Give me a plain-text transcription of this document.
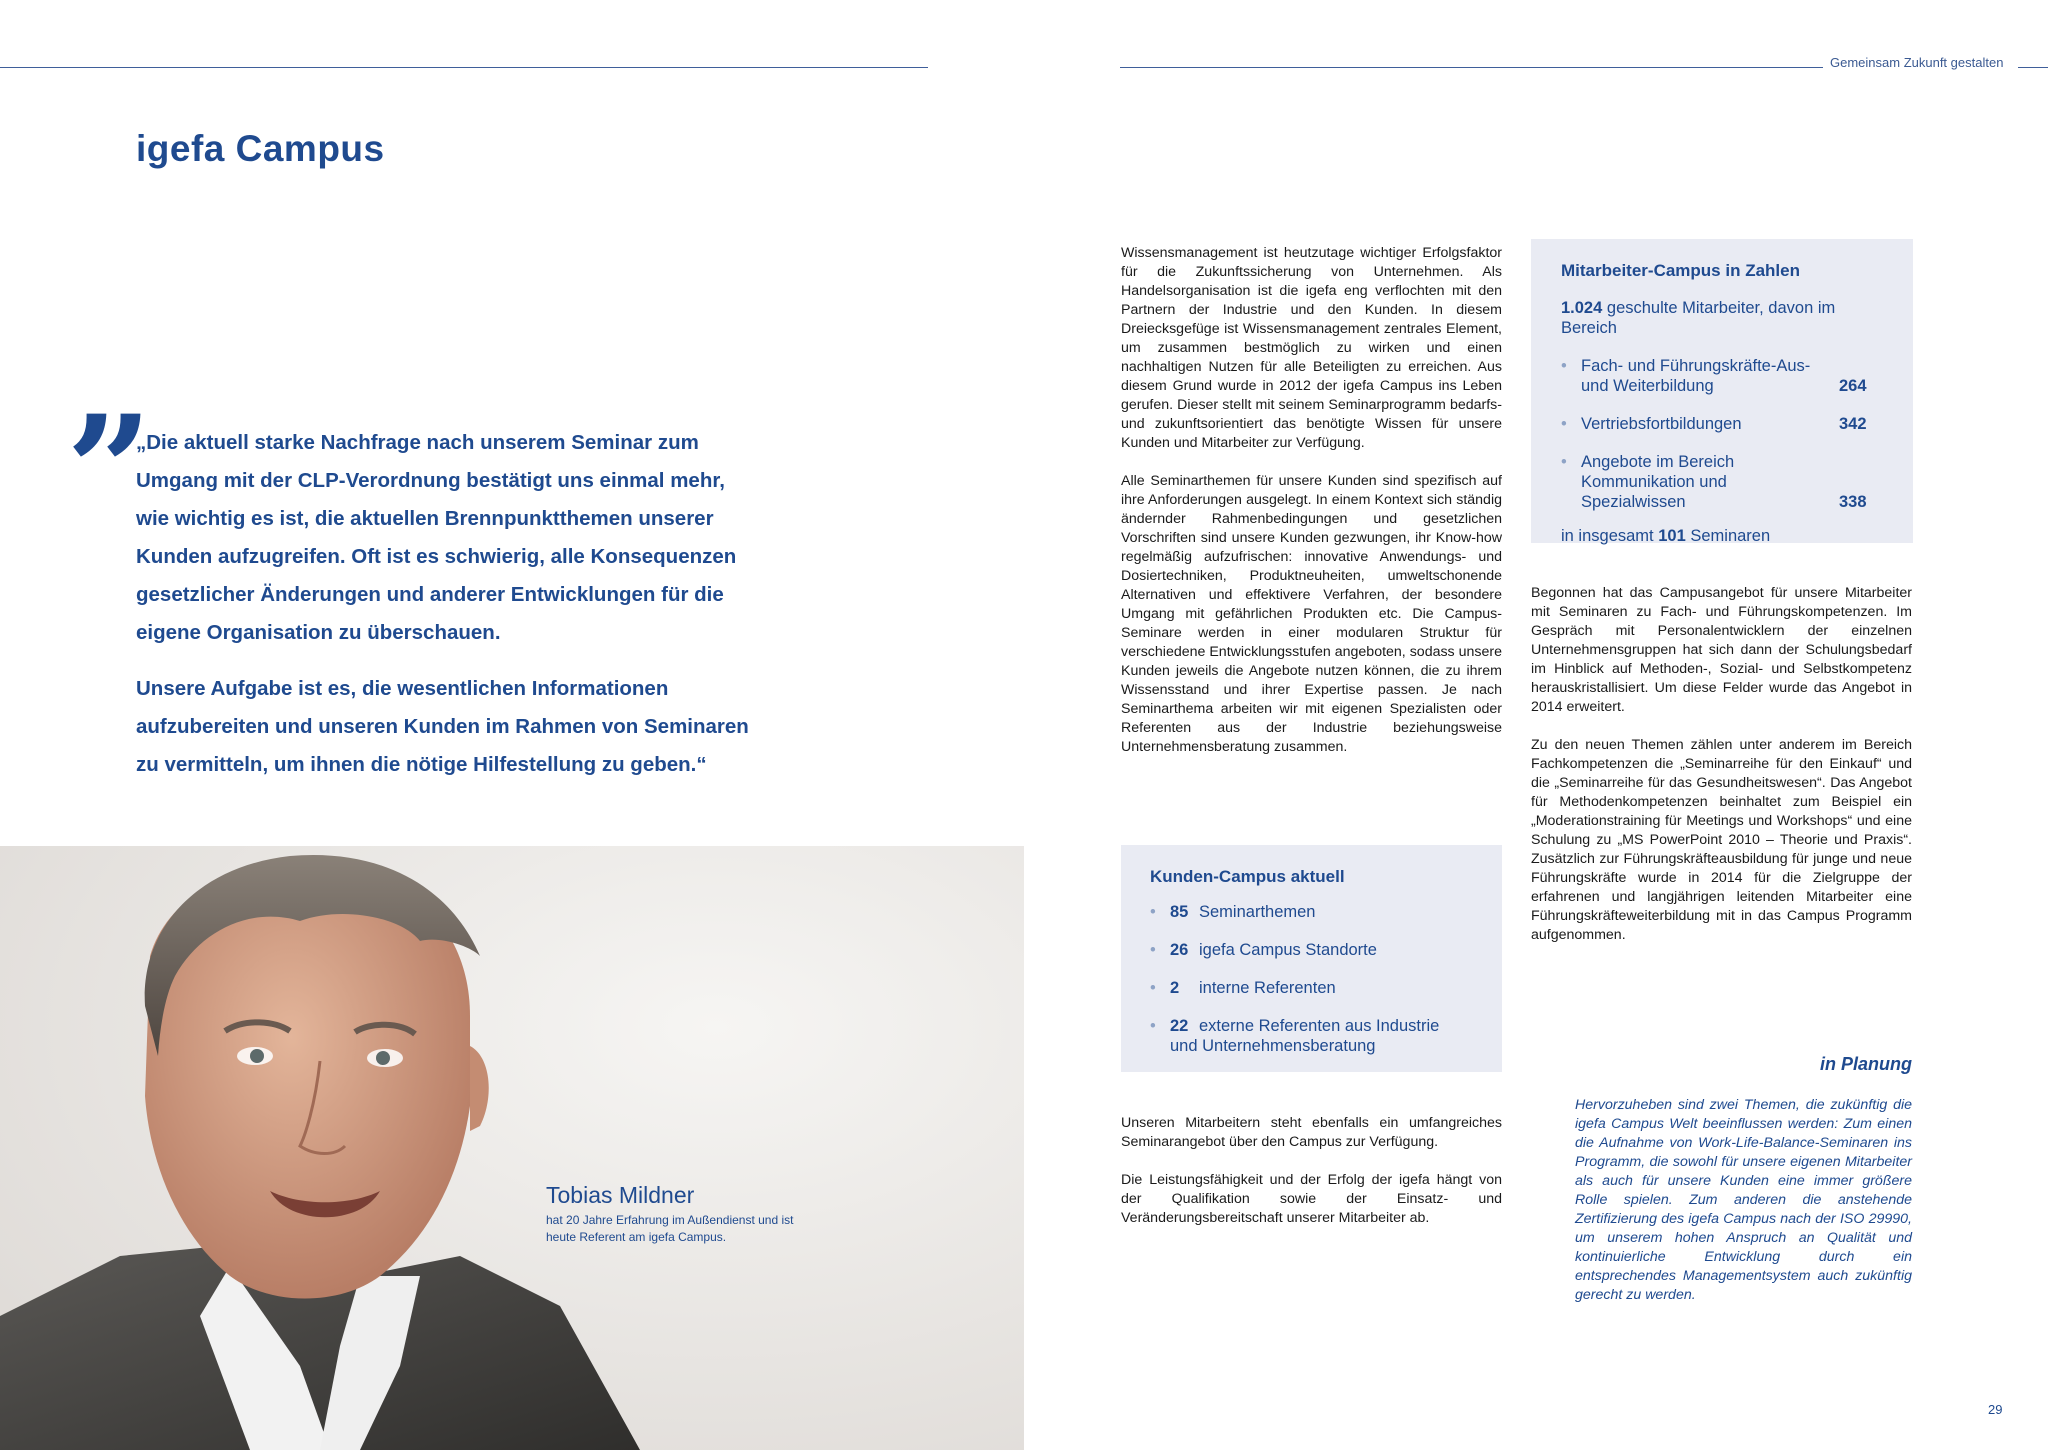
Gemeinsam Zukunft gestalten
igefa Campus
”

„Die aktuell starke Nachfrage nach unserem Seminar zum Umgang mit der CLP-Verordnung bestätigt uns einmal mehr, wie wichtig es ist, die aktuellen Brennpunktthemen unserer Kunden aufzugreifen. Oft ist es schwierig, alle Konsequenzen gesetzlicher Änderungen und anderer Entwicklungen für die eigene Organisation zu überschauen.

Unsere Aufgabe ist es, die wesentlichen Informationen aufzubereiten und unseren Kunden im Rahmen von Seminaren zu vermitteln, um ihnen die nötige Hilfestellung zu geben.“

Tobias Mildner
hat 20 Jahre Erfahrung im Außendienst und ist heute Referent am igefa Campus.

Wissensmanagement ist heutzutage wichtiger Erfolgsfaktor für die Zukunftssicherung von Unternehmen. Als Handelsorganisation ist die igefa eng verflochten mit den Partnern der Industrie und den Kunden. In diesem Dreiecksgefüge ist Wissensmanagement zentrales Element, um zusammen bestmöglich zu wirken und einen nachhaltigen Nutzen für alle Beteiligten zu erreichen. Aus diesem Grund wurde in 2012 der igefa Campus ins Leben gerufen. Dieser stellt mit seinem Seminarprogramm bedarfs- und zukunftsorientiert das benötigte Wissen für unsere Kunden und Mitarbeiter zur Verfügung.

Alle Seminarthemen für unsere Kunden sind spezifisch auf ihre Anforderungen ausgelegt. In einem Kontext sich ständig ändernder Rahmenbedingungen und gesetzlichen Vorschriften sind unsere Kunden gezwungen, ihr Know-how regelmäßig aufzufrischen: innovative Anwendungs- und Dosiertechniken, Produktneuheiten, umweltschonende Alternativen und effektivere Verfahren, der besondere Umgang mit gefährlichen Produkten etc. Die Campus-Seminare werden in einer modularen Struktur für verschiedene Entwicklungsstufen angeboten, sodass unsere Kunden jeweils die Angebote nutzen können, die zu ihrem Wissensstand und ihrer Expertise passen. Je nach Seminarthema arbeiten wir mit eigenen Spezialisten oder Referenten aus der Industrie beziehungsweise Unternehmensberatung zusammen.

Kunden-Campus aktuell
• 85 Seminarthemen
• 26 igefa Campus Standorte
• 2 interne Referenten
• 22 externe Referenten aus Industrie
und Unternehmensberatung

Unseren Mitarbeitern steht ebenfalls ein umfangreiches Seminarangebot über den Campus zur Verfügung.

Die Leistungsfähigkeit und der Erfolg der igefa hängt von der Qualifikation sowie der Einsatz- und Veränderungsbereitschaft unserer Mitarbeiter ab.

Mitarbeiter-Campus in Zahlen
1.024 geschulte Mitarbeiter, davon im Bereich
• Fach- und Führungskräfte-Aus- und Weiterbildung	264
• Vertriebsfortbildungen	342
• Angebote im Bereich Kommunikation und Spezialwissen	338
in insgesamt 101 Seminaren

Begonnen hat das Campusangebot für unsere Mitarbeiter mit Seminaren zu Fach- und Führungskompetenzen. Im Gespräch mit Personalentwicklern der einzelnen Unternehmensgruppen hat sich dann der Schulungsbedarf im Hinblick auf Methoden-, Sozial- und Selbstkompetenz herauskristallisiert. Um diese Felder wurde das Angebot in 2014 erweitert.

Zu den neuen Themen zählen unter anderem im Bereich Fachkompetenzen die „Seminarreihe für den Einkauf“ und die „Seminarreihe für das Gesundheitswesen“. Das Angebot für Methodenkompetenzen beinhaltet zum Beispiel ein „Moderationstraining für Meetings und Workshops“ und eine Schulung zu „MS PowerPoint 2010 – Theorie und Praxis“. Zusätzlich zur Führungskräfteausbildung für junge und neue Führungskräfte wurde in 2014 für die Zielgruppe der erfahrenen und langjährigen leitenden Mitarbeiter eine Führungskräfteweiterbildung mit in das Campus Programm aufgenommen.

in Planung
Hervorzuheben sind zwei Themen, die zukünftig die igefa Campus Welt beeinflussen werden: Zum einen die Aufnahme von Work-Life-Balance-Seminaren ins Programm, die sowohl für unsere eigenen Mitarbeiter als auch für unsere Kunden eine immer größere Rolle spielen. Zum anderen die anstehende Zertifizierung des igefa Campus nach der ISO 29990, um unserem hohen Anspruch an Qualität und kontinuierliche Entwicklung durch ein entsprechendes Managementsystem auch zukünftig gerecht zu werden.
29
